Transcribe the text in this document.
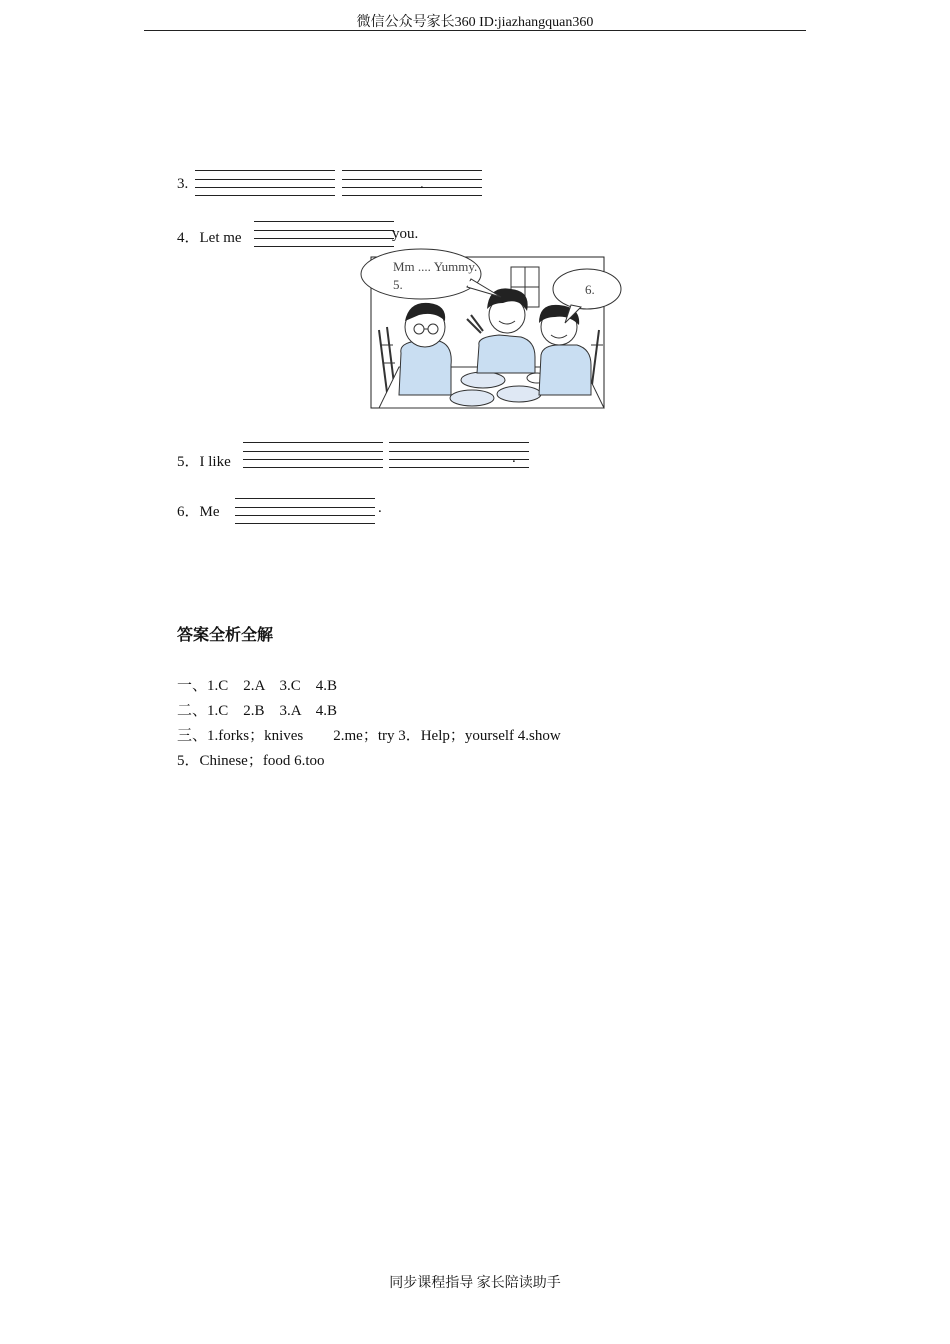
微信公众号家长360 ID:jiazhangquan360
3.	.
4．Let me	you.
Mm .... Yummy.
5.	6.
5．I like	.
6．Me	.
答案全析全解
一、1.C　2.A　3.C　4.B
二、1.C　2.B　3.A　4.B
三、1.forks；knives　　2.me；try 3．Help；yourself 4.show
5．Chinese；food 6.too
同步课程指导 家长陪读助手
